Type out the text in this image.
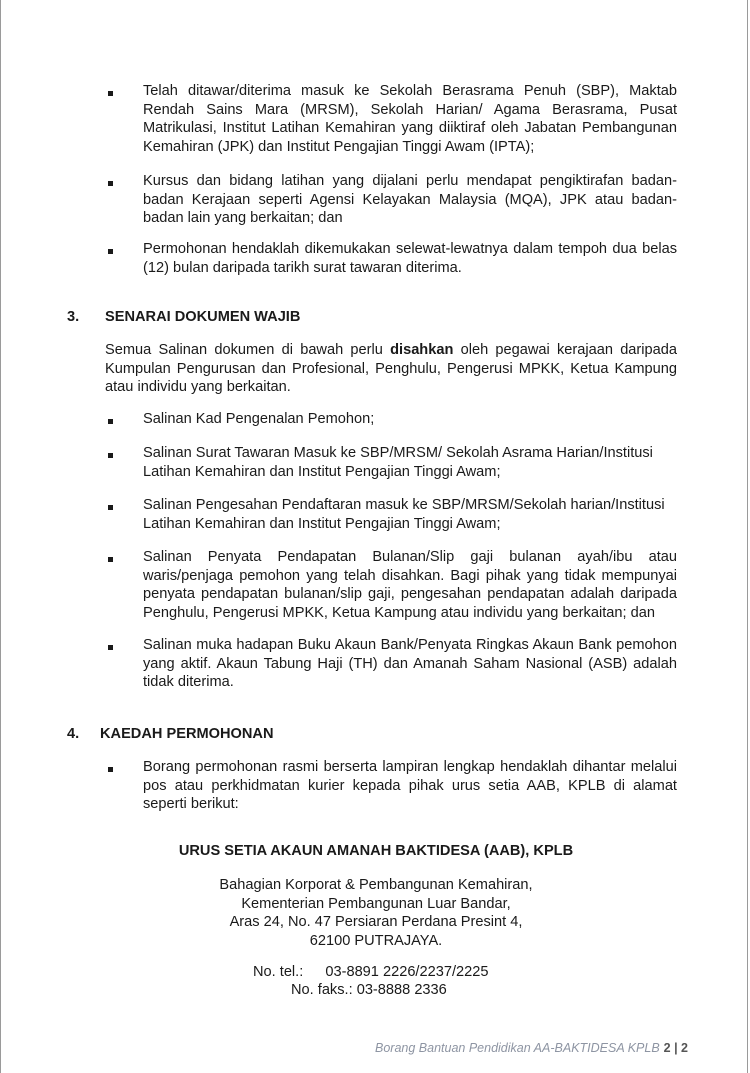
Telah ditawar/diterima masuk ke Sekolah Berasrama Penuh (SBP), Maktab Rendah Sains Mara (MRSM), Sekolah Harian/ Agama Berasrama, Pusat Matrikulasi, Institut Latihan Kemahiran yang diiktiraf oleh Jabatan Pembangunan Kemahiran (JPK) dan Institut Pengajian Tinggi Awam (IPTA);
Kursus dan bidang latihan yang dijalani perlu mendapat pengiktirafan badan-badan Kerajaan seperti Agensi Kelayakan Malaysia (MQA), JPK atau badan-badan lain yang berkaitan; dan
Permohonan hendaklah dikemukakan selewat-lewatnya dalam tempoh dua belas (12) bulan daripada tarikh surat tawaran diterima.
3. SENARAI DOKUMEN WAJIB
Semua Salinan dokumen di bawah perlu disahkan oleh pegawai kerajaan daripada Kumpulan Pengurusan dan Profesional, Penghulu, Pengerusi MPKK, Ketua Kampung atau individu yang berkaitan.
Salinan Kad Pengenalan Pemohon;
Salinan Surat Tawaran Masuk ke SBP/MRSM/ Sekolah Asrama Harian/Institusi Latihan Kemahiran dan Institut Pengajian Tinggi Awam;
Salinan Pengesahan Pendaftaran masuk ke SBP/MRSM/Sekolah harian/Institusi Latihan Kemahiran dan Institut Pengajian Tinggi Awam;
Salinan Penyata Pendapatan Bulanan/Slip gaji bulanan ayah/ibu atau waris/penjaga pemohon yang telah disahkan. Bagi pihak yang tidak mempunyai penyata pendapatan bulanan/slip gaji, pengesahan pendapatan adalah daripada Penghulu, Pengerusi MPKK, Ketua Kampung atau individu yang berkaitan; dan
Salinan muka hadapan Buku Akaun Bank/Penyata Ringkas Akaun Bank pemohon yang aktif. Akaun Tabung Haji (TH) dan Amanah Saham Nasional (ASB) adalah tidak diterima.
4. KAEDAH PERMOHONAN
Borang permohonan rasmi berserta lampiran lengkap hendaklah dihantar melalui pos atau perkhidmatan kurier kepada pihak urus setia AAB, KPLB di alamat seperti berikut:
URUS SETIA AKAUN AMANAH BAKTIDESA (AAB), KPLB
Bahagian Korporat & Pembangunan Kemahiran,
Kementerian Pembangunan Luar Bandar,
Aras 24, No. 47 Persiaran Perdana Presint 4,
62100 PUTRAJAYA.
No. tel.: 03-8891 2226/2237/2225
No. faks.: 03-8888 2336
Borang Bantuan Pendidikan AA-BAKTIDESA KPLB 2 | 2
